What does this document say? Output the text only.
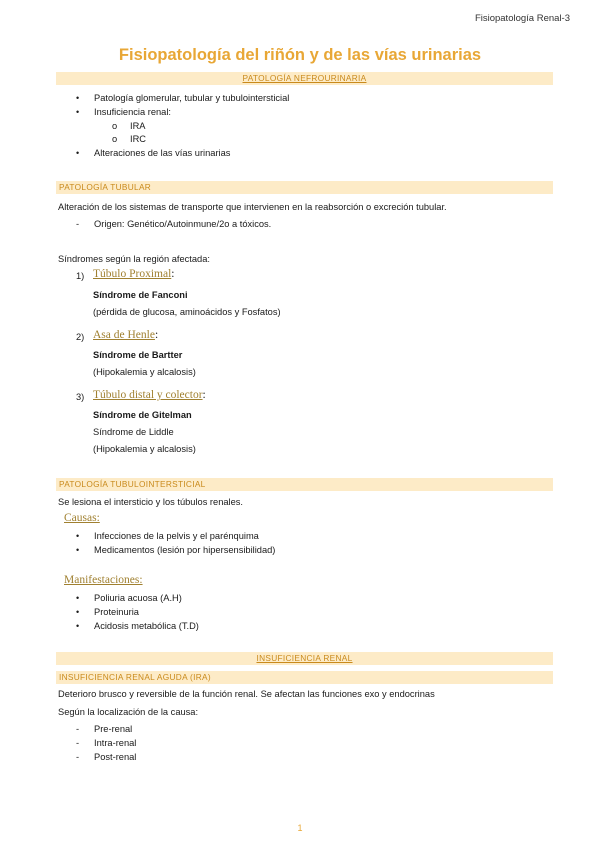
Fisiopatología Renal-3
Fisiopatología del riñón y de las vías urinarias
PATOLOGÍA NEFROURINARIA
• Patología glomerular, tubular y tubulointersticial
• Insuficiencia renal:
o IRA
o IRC
• Alteraciones de las vías urinarias
PATOLOGÍA TUBULAR
Alteración de los sistemas de transporte que intervienen en la reabsorción o excreción tubular.
- Origen: Genético/Autoinmune/2o a tóxicos.
Síndromes según la región afectada:
1) Túbulo Proximal:
Síndrome de Fanconi
(pérdida de glucosa, aminoácidos y Fosfatos)
2) Asa de Henle:
Síndrome de Bartter
(Hipokalemia y alcalosis)
3) Túbulo distal y colector:
Síndrome de Gitelman
Síndrome de Liddle
(Hipokalemia y alcalosis)
PATOLOGÍA TUBULOINTERSTICIAL
Se lesiona el intersticio y los túbulos renales.
Causas:
• Infecciones de la pelvis y el parénquima
• Medicamentos (lesión por hipersensibilidad)
Manifestaciones:
• Poliuria acuosa (A.H)
• Proteinuria
• Acidosis metabólica (T.D)
INSUFICIENCIA RENAL
INSUFICIENCIA RENAL AGUDA (IRA)
Deterioro brusco y reversible de la función renal. Se afectan las funciones exo y endocrinas
Según la localización de la causa:
- Pre-renal
- Intra-renal
- Post-renal
1
